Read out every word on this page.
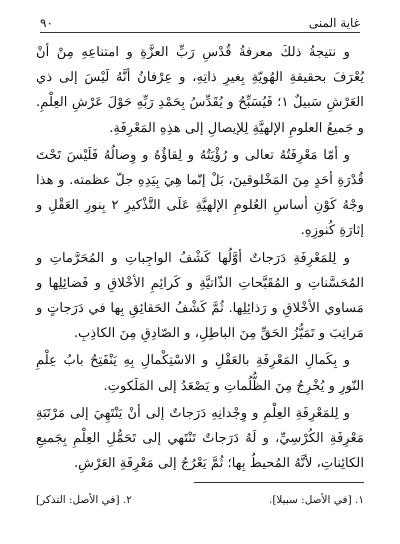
غاية المنى
٩٠

و نتيجةُ ذلكَ معرفةُ قُدْسِ رَبِّ العزَّةِ و امتناعِهِ مِنْ أنْ يُعْرَفَ بحقيقةِ الهُويّةِ بِغيرِ ذاتِهِ، و عِرْفانُ أنَّهُ لَيْسَ إلى ذي العَرْشِ سَبيلٌ ١؛ فَيُسَبِّحُ و يُقَدِّسُ بِحَمْدِ رَبِّهِ حَوْلَ عَرْشِ العِلْمِ. و جَميعُ العلومِ الإلهيَّةِ لِلإيصالِ إلى هذِهِ المَعْرِفَةِ.

و أمّا مَعْرِفَتُهُ تعالى و رُؤْيَتُهُ و لِقاؤُهُ و وِصالُهُ فَلَيْسَ تَحْتَ قُدْرَةِ أحَدٍ مِنَ المَخْلوقينَ، بَلْ إنّما هِيَ بِيَدِهِ جلّ عظمته. و هذا وجْهُ كَوْنِ أساسِ العُلومِ الإلهيَّةِ عَلَى التَّذْكيرِ ٢ بِنورِ العَقْلِ و إثارَةِ كُنوزِهِ.

و لِلمَعْرِفَةِ دَرَجاتٌ أوَّلُها كَشْفُ الواجِباتِ و المُحَرَّماتِ و المُحَسَّناتِ و المُقَبَّحاتِ الذّاتيَّةِ و كَرائِمِ الأخْلاقِ و فَضائِلِها و مَساوي الأخْلاقِ و رَذائِلِها. ثُمَّ كَشْفُ الحَقائِقِ بِها في دَرَجاتٍ و مَراتِبَ و تَمَيُّزُ الحَقِّ مِنَ الباطِلِ، و الصّادِقِ مِنَ الكاذِبِ.

و بِكَمالِ المَعْرِفَةِ بالعَقْلِ و الاسْتِكْمالِ بِهِ يَنْفَتِحُ بابُ عِلْمِ النّورِ و يُخْرِجُ مِنَ الظُّلُماتِ و يَصْعَدُ إلى المَلَكوتِ.

و لِلمَعْرِفَةِ العِلْمِ و وِجْدانِهِ دَرَجاتٌ إلى أنْ يَنْتَهِيَ إلى مَرْتَبَةِ مَعْرِفَةِ الكُرْسِيِّ، و لَهُ دَرَجاتٌ تَنْتَهي إلى تَحَمُّلِ العِلْمِ بِجَميعِ الكائِناتِ، لأنَّهُ المُحيطُ بِها؛ ثُمَّ يَعْرُجُ إلى مَعْرِفَةِ العَرْشِ.

١. [في الأصل: سبيلا].
٢. [في الأصل: التذكر]
